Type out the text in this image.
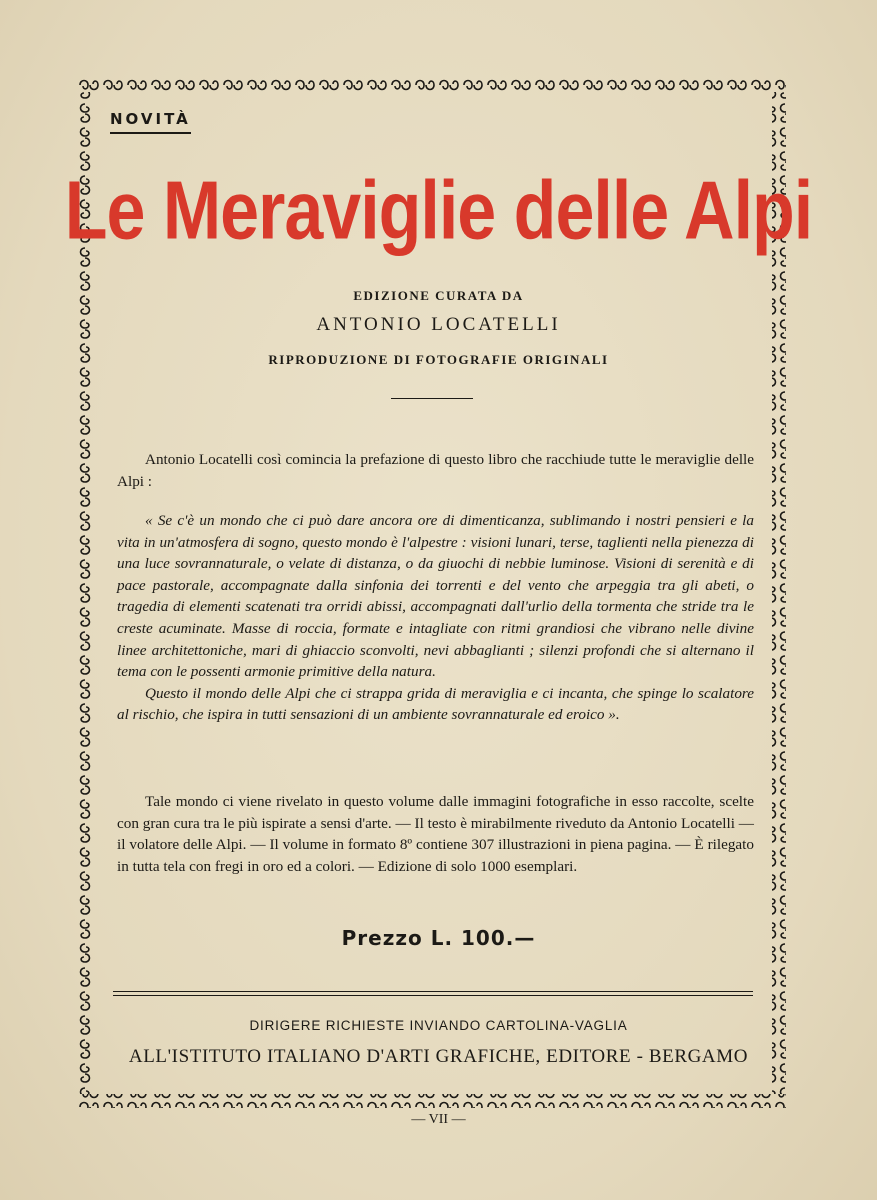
NOVITÀ
Le Meraviglie delle Alpi
EDIZIONE CURATA DA
ANTONIO LOCATELLI
RIPRODUZIONE DI FOTOGRAFIE ORIGINALI
Antonio Locatelli così comincia la prefazione di questo libro che racchiude tutte le meraviglie delle Alpi :

« Se c'è un mondo che ci può dare ancora ore di dimenticanza, sublimando i nostri pensieri e la vita in un'atmosfera di sogno, questo mondo è l'alpestre : visioni lunari, terse, taglienti nella pienezza di una luce sovrannaturale, o velate di distanza, o da giuochi di nebbie luminose. Visioni di serenità e di pace pastorale, accompagnate dalla sinfonia dei torrenti e del vento che arpeggia tra gli abeti, o tragedia di elementi scatenati tra orridi abissi, accompagnati dall'urlio della tormenta che stride tra le creste acuminate. Masse di roccia, formate e intagliate con ritmi grandiosi che vibrano nelle divine linee architettoniche, mari di ghiaccio sconvolti, nevi abbaglianti ; silenzi profondi che si alternano il tema con le possenti armonie primitive della natura.

Questo il mondo delle Alpi che ci strappa grida di meraviglia e ci incanta, che spinge lo scalatore al rischio, che ispira in tutti sensazioni di un ambiente sovrannaturale ed eroico ».

Tale mondo ci viene rivelato in questo volume dalle immagini fotografiche in esso raccolte, scelte con gran cura tra le più ispirate a sensi d'arte. — Il testo è mirabilmente riveduto da Antonio Locatelli — il volatore delle Alpi. — Il volume in formato 8º contiene 307 illustrazioni in piena pagina. — È rilegato in tutta tela con fregi in oro ed a colori. — Edizione di solo 1000 esemplari.
Prezzo L. 100.—
DIRIGERE RICHIESTE INVIANDO CARTOLINA-VAGLIA
ALL'ISTITUTO ITALIANO D'ARTI GRAFICHE, EDITORE - BERGAMO
— VII —
